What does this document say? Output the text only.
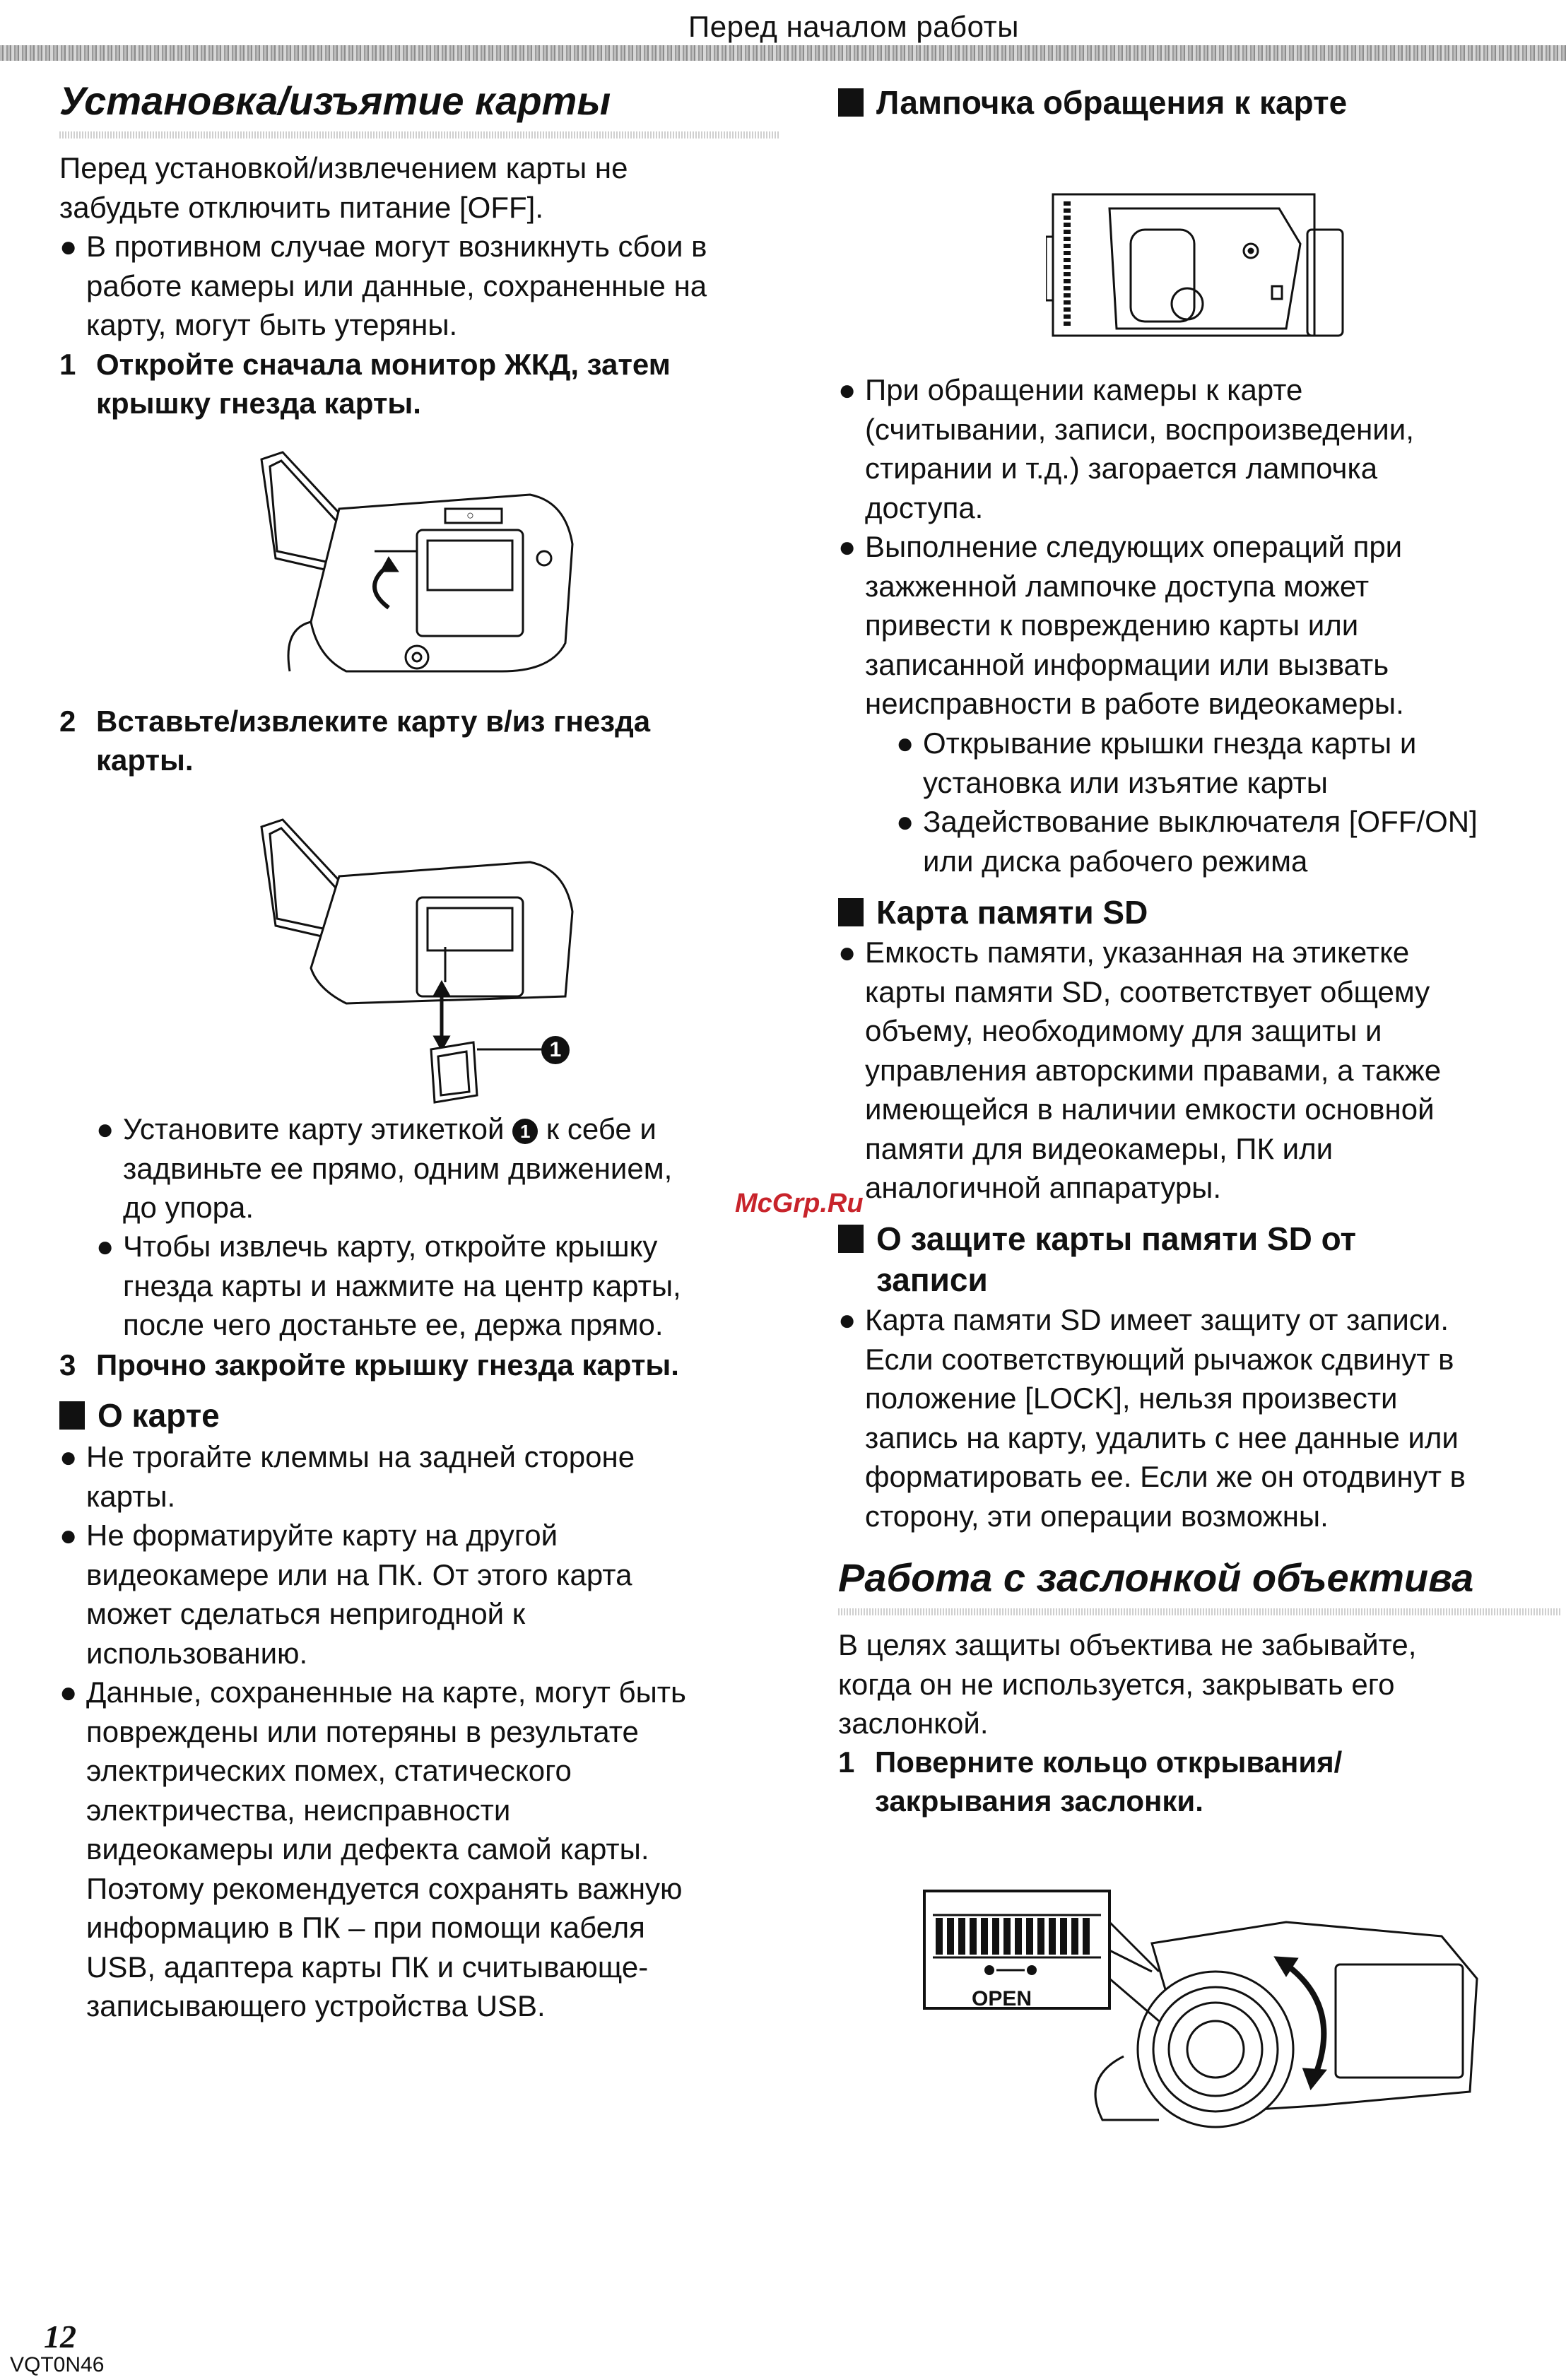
Перед началом работы
Установка/изъятие карты
Перед установкой/извлечением карты не
забудьте отключить питание [OFF].
● В противном случае могут возникнуть сбои в
работе камеры или данные, сохраненные на
карту, могут быть утеряны.
1 Откройте сначала монитор ЖКД, затем
крышку гнезда карты.
○
2 Вставьте/извлеките карту в/из гнезда
карты.
1
● Установите карту этикеткой 1 к себе и
задвиньте ее прямо, одним движением,
до упора.
● Чтобы извлечь карту, откройте крышку
гнезда карты и нажмите на центр карты,
после чего достаньте ее, держа прямо.
3 Прочно закройте крышку гнезда карты.
О карте
● Не трогайте клеммы на задней стороне
карты.
● Не форматируйте карту на другой
видеокамере или на ПК. От этого карта
может сделаться непригодной к
использованию.
● Данные, сохраненные на карте, могут быть
повреждены или потеряны в результате
электрических помех, статического
электричества, неисправности
видеокамеры или дефекта самой карты.
Поэтому рекомендуется сохранять важную
информацию в ПК – при помощи кабеля
USB, адаптера карты ПК и считывающе-
записывающего устройства USB.
Лампочка обращения к карте
● При обращении камеры к карте
(считывании, записи, воспроизведении,
стирании и т.д.) загорается лампочка
доступа.
● Выполнение следующих операций при
зажженной лампочке доступа может
привести к повреждению карты или
записанной информации или вызвать
неисправности в работе видеокамеры.
● Открывание крышки гнезда карты и
установка или изъятие карты
● Задействование выключателя [OFF/ON]
или диска рабочего режима
Карта памяти SD
● Емкость памяти, указанная на этикетке
карты памяти SD, соответствует общему
объему, необходимому для защиты и
управления авторскими правами, а также
имеющейся в наличии емкости основной
памяти для видеокамеры, ПК или
аналогичной аппаратуры.
О защите карты памяти SD от
записи
● Карта памяти SD имеет защиту от записи.
Если соответствующий рычажок сдвинут в
положение [LOCK], нельзя произвести
запись на карту, удалить с нее данные или
форматировать ее. Если же он отодвинут в
сторону, эти операции возможны.
Работа с заслонкой объектива
В целях защиты объектива не забывайте,
когда он не используется, закрывать его
заслонкой.
1 Поверните кольцо открывания/
закрывания заслонки.
OPEN
McGrp.Ru
12
VQT0N46
